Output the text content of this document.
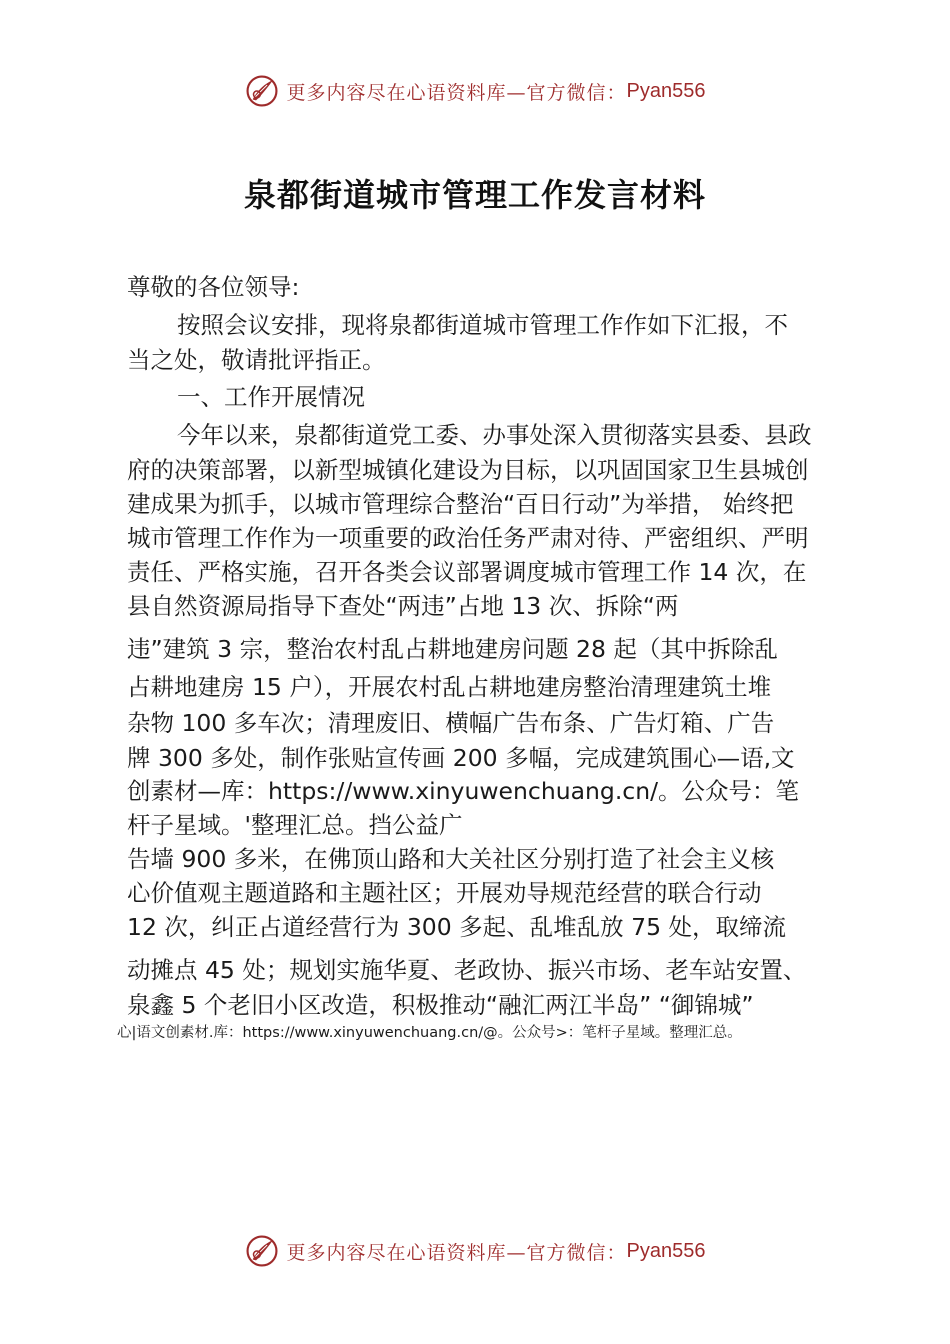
更多内容尽在心语资料库—官方微信： Pyan556
泉都街道城市管理工作发言材料
尊敬的各位领导:
按照会议安排，现将泉都街道城市管理工作作如下汇报，不
当之处，敬请批评指正。
一、工作开展情况
今年以来，泉都街道党工委、办事处深入贯彻落实县委、县政
府的决策部署，以新型城镇化建设为目标，以巩固国家卫生县城创
建成果为抓手，以城市管理综合整治“百日行动”为举措， 始终把
城市管理工作作为一项重要的政治任务严肃对待、严密组织、严明
责任、严格实施，召开各类会议部署调度城市管理工作 14 次，在
县自然资源局指导下查处“两违”占地 13 次、拆除“两
违”建筑 3 宗，整治农村乱占耕地建房问题 28 起（其中拆除乱
占耕地建房 15 户），开展农村乱占耕地建房整治清理建筑土堆
杂物 100 多车次；清理废旧、横幅广告布条、广告灯箱、广告
牌 300 多处，制作张贴宣传画 200 多幅，完成建筑围心—语,文
创素材—库：https://www.xinyuwenchuang.cn/。公众号：笔
杆子星域。'整理汇总。挡公益广
告墙 900 多米，在佛顶山路和大关社区分别打造了社会主义核
心价值观主题道路和主题社区；开展劝导规范经营的联合行动
12 次，纠正占道经营行为 300 多起、乱堆乱放 75 处，取缔流
动摊点 45 处；规划实施华夏、老政协、振兴市场、老车站安置、
泉鑫 5 个老旧小区改造，积极推动“融汇两江半岛” “御锦城”
心|语文创素材.库：https://www.xinyuwenchuang.cn/@。公众号>：笔杆子星域。整理汇总。
更多内容尽在心语资料库—官方微信： Pyan556
